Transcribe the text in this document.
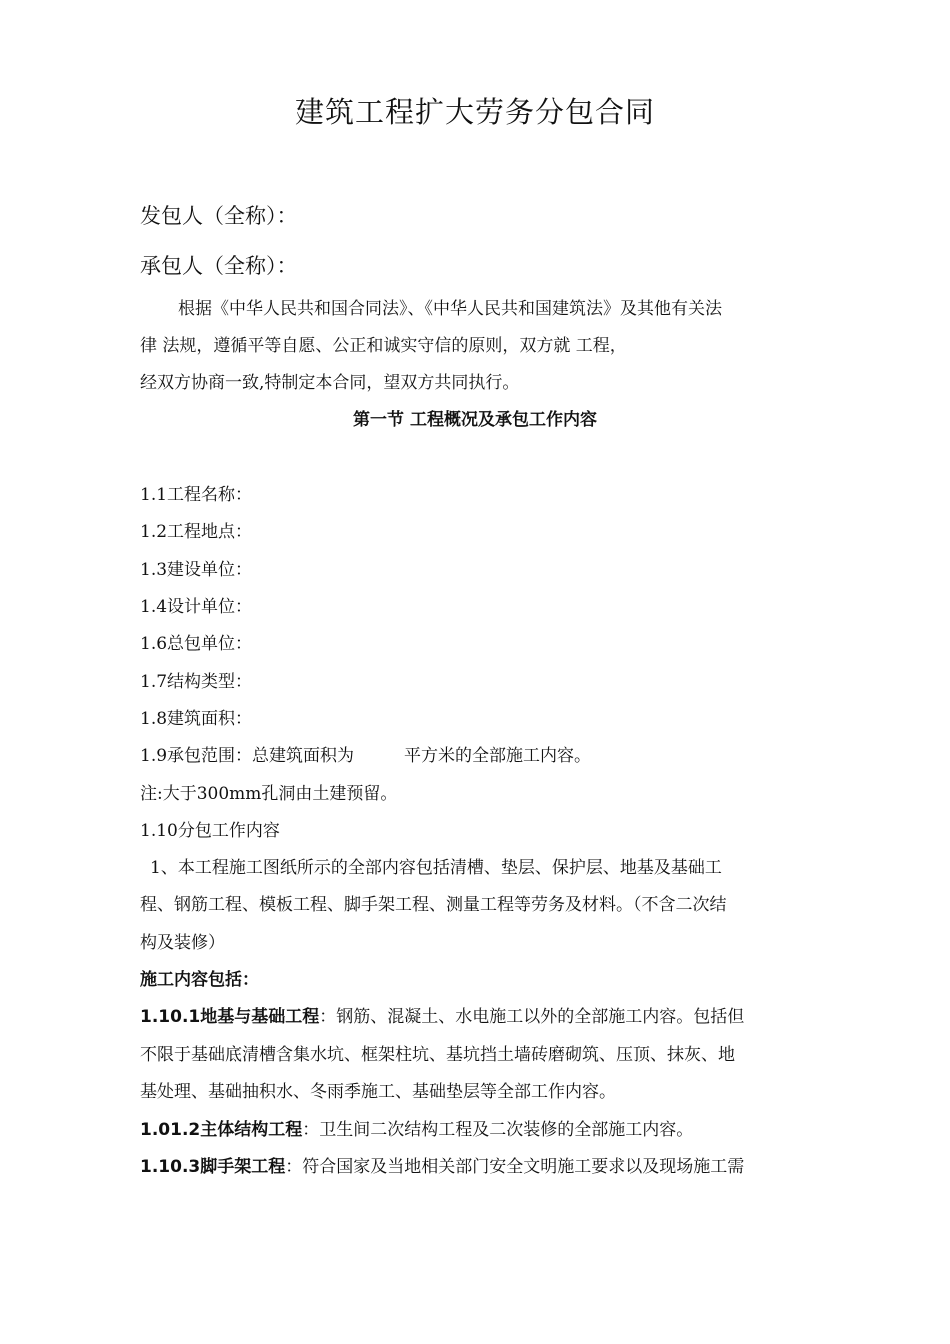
建筑工程扩大劳务分包合同
发包人（全称）：
承包人（全称）：
根据《中华人民共和国合同法》、《中华人民共和国建筑法》及其他有关法
律 法规，遵循平等自愿、公正和诚实守信的原则，双方就 工程，
经双方协商一致,特制定本合同，望双方共同执行。
第一节 工程概况及承包工作内容
1.1工程名称：
1.2工程地点：
1.3建设单位：
1.4设计单位：
1.6总包单位：
1.7结构类型：
1.8建筑面积：
1.9承包范围：总建筑面积为	平方米的全部施工内容。
注:大于300mm孔洞由土建预留。
1.10分包工作内容
1、本工程施工图纸所示的全部内容包括清槽、垫层、保护层、地基及基础工
程、钢筋工程、模板工程、脚手架工程、测量工程等劳务及材料。（不含二次结
构及装修）
施工内容包括：
1.10.1地基与基础工程：钢筋、混凝土、水电施工以外的全部施工内容。包括但
不限于基础底清槽含集水坑、框架柱坑、基坑挡土墙砖磨砌筑、压顶、抹灰、地
基处理、基础抽积水、冬雨季施工、基础垫层等全部工作内容。
1.01.2主体结构工程：卫生间二次结构工程及二次装修的全部施工内容。
1.10.3脚手架工程：符合国家及当地相关部门安全文明施工要求以及现场施工需
